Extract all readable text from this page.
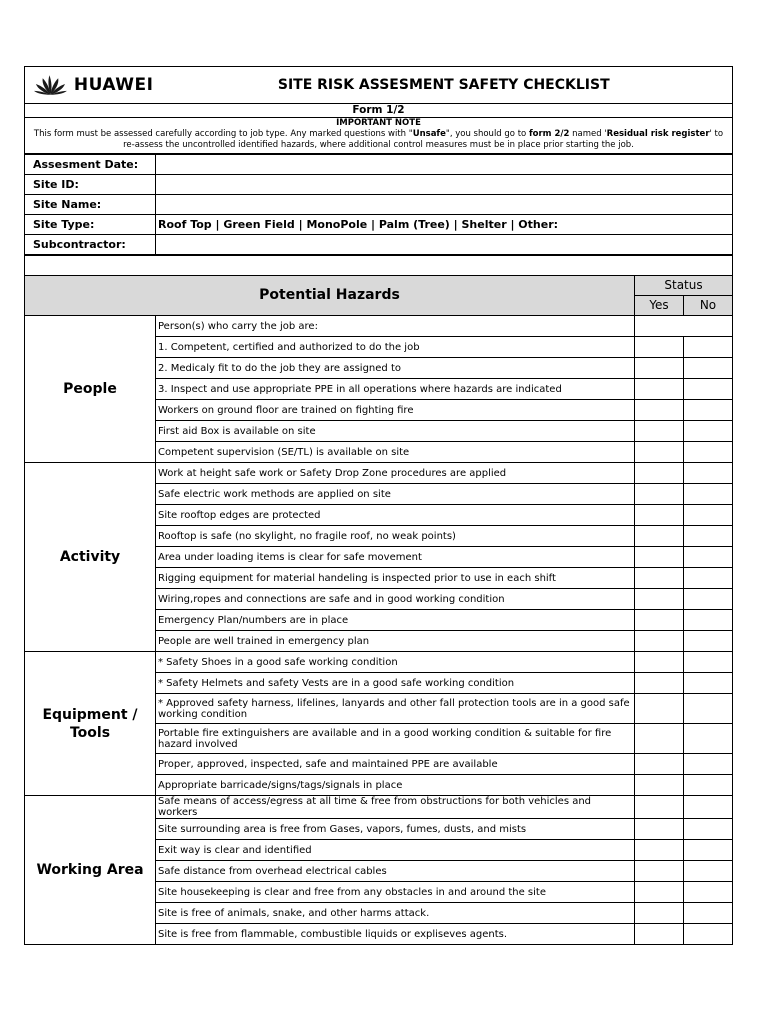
HUAWEI	SITE RISK ASSESMENT SAFETY CHECKLIST		
Form 1/2			

IMPORTANT NOTE
This form must be assessed carefully according to job type. Any marked questions with "Unsafe", you should go to form 2/2 named 'Residual risk register' to re-assess the uncontrolled identified hazards, where additional control measures must be in place prior starting the job.			
Assesment Date:			
Site ID:			
Site Name:			
Site Type:	Roof Top | Green Field | MonoPole | Palm (Tree) | Shelter | Other:		
Subcontractor:			

Potential Hazards		Status	
		Yes	No
People	Person(s) who carry the job are:		
	1. Competent, certified and authorized to do the job		
	2. Medicaly fit to do the job they are assigned to		
	3. Inspect and use appropriate PPE in all operations where hazards are indicated		
	Workers on ground floor are trained on fighting fire		
	First aid Box is available on site		
	Competent supervision (SE/TL) is available on site		
Activity	Work at height safe work or Safety Drop Zone procedures are applied		
	Safe electric work methods are applied on site		
	Site rooftop edges are protected		
	Rooftop is safe (no skylight, no fragile roof, no weak points)		
	Area under loading items is clear for safe movement		
	Rigging equipment for material handeling is inspected prior to use in each shift		
	Wiring,ropes and connections are safe and in good working condition		
	Emergency Plan/numbers are in place		
	People are well trained in emergency plan		
Equipment / Tools	* Safety Shoes in a good safe working condition		
	* Safety Helmets and safety Vests are in a good safe working condition		
	* Approved safety harness, lifelines, lanyards and other fall protection tools are in a good safe working condition		
	Portable fire extinguishers are available and in a good working condition & suitable for fire hazard involved		
	Proper, approved, inspected, safe and maintained PPE are available		
	Appropriate barricade/signs/tags/signals in place		
Working Area	Safe means of access/egress at all time & free from obstructions for both vehicles and workers		
	Site surrounding area is free from Gases, vapors, fumes, dusts, and mists		
	Exit way is clear and identified		
	Safe distance from overhead electrical cables		
	Site housekeeping is clear and free from any obstacles in and around the site		
	Site is free of animals, snake, and other harms attack.		
	Site is free from flammable, combustible liquids or expliseves agents.		
